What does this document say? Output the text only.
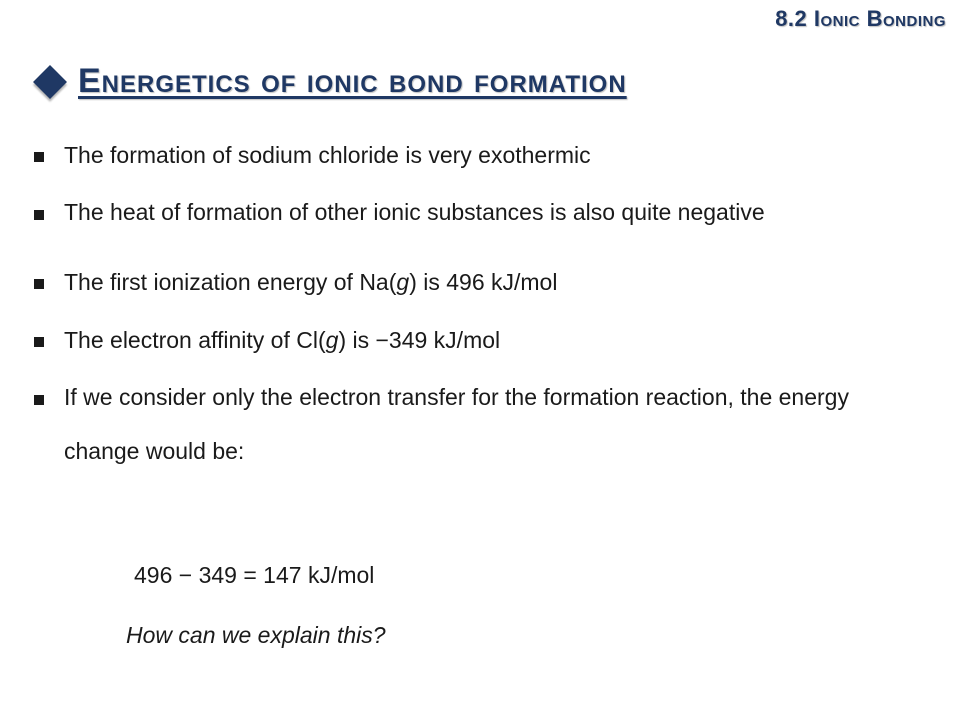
8.2 Ionic Bonding
Energetics of ionic bond formation
The formation of sodium chloride is very exothermic
The heat of formation of other ionic substances is also quite negative
The first ionization energy of Na(g) is 496 kJ/mol
The electron affinity of Cl(g) is −349 kJ/mol
If we consider only the electron transfer for the formation reaction, the energy change would be:
496 − 349 = 147 kJ/mol
How can we explain this?
